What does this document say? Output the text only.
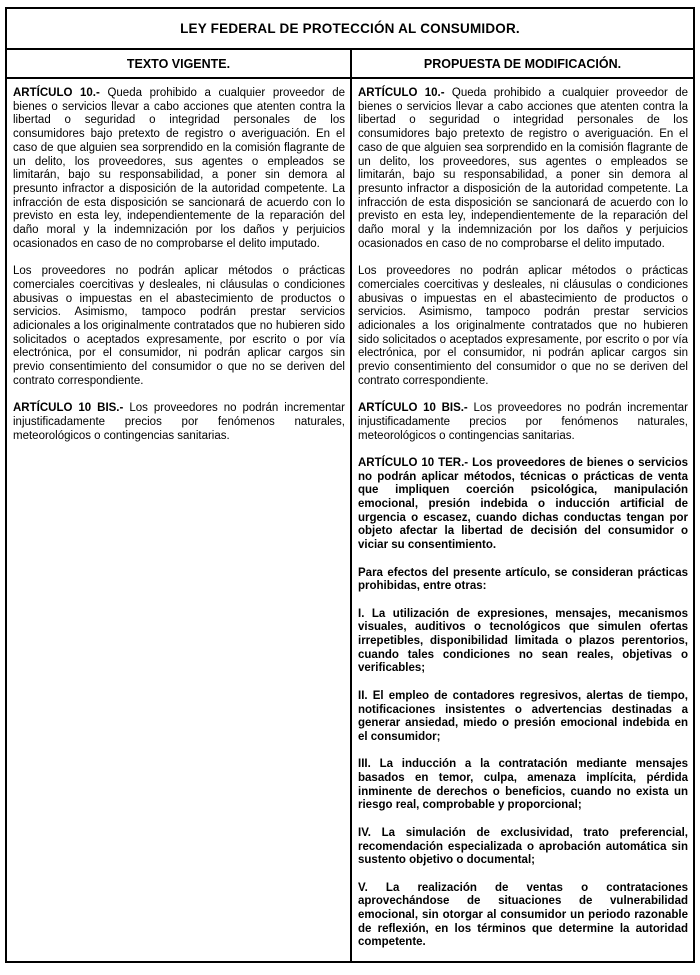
LEY FEDERAL DE PROTECCIÓN AL CONSUMIDOR.
TEXTO VIGENTE.	PROPUESTA DE MODIFICACIÓN.

ARTÍCULO 10.- Queda prohibido a cualquier proveedor de bienes o servicios llevar a cabo acciones que atenten contra la libertad o seguridad o integridad personales de los consumidores bajo pretexto de registro o averiguación. En el caso de que alguien sea sorprendido en la comisión flagrante de un delito, los proveedores, sus agentes o empleados se limitarán, bajo su responsabilidad, a poner sin demora al presunto infractor a disposición de la autoridad competente. La infracción de esta disposición se sancionará de acuerdo con lo previsto en esta ley, independientemente de la reparación del daño moral y la indemnización por los daños y perjuicios ocasionados en caso de no comprobarse el delito imputado.

Los proveedores no podrán aplicar métodos o prácticas comerciales coercitivas y desleales, ni cláusulas o condiciones abusivas o impuestas en el abastecimiento de productos o servicios. Asimismo, tampoco podrán prestar servicios adicionales a los originalmente contratados que no hubieren sido solicitados o aceptados expresamente, por escrito o por vía electrónica, por el consumidor, ni podrán aplicar cargos sin previo consentimiento del consumidor o que no se deriven del contrato correspondiente.

ARTÍCULO 10 BIS.- Los proveedores no podrán incrementar injustificadamente precios por fenómenos naturales, meteorológicos o contingencias sanitarias.

ARTÍCULO 10.- Queda prohibido a cualquier proveedor de bienes o servicios llevar a cabo acciones que atenten contra la libertad o seguridad o integridad personales de los consumidores bajo pretexto de registro o averiguación. En el caso de que alguien sea sorprendido en la comisión flagrante de un delito, los proveedores, sus agentes o empleados se limitarán, bajo su responsabilidad, a poner sin demora al presunto infractor a disposición de la autoridad competente. La infracción de esta disposición se sancionará de acuerdo con lo previsto en esta ley, independientemente de la reparación del daño moral y la indemnización por los daños y perjuicios ocasionados en caso de no comprobarse el delito imputado.

Los proveedores no podrán aplicar métodos o prácticas comerciales coercitivas y desleales, ni cláusulas o condiciones abusivas o impuestas en el abastecimiento de productos o servicios. Asimismo, tampoco podrán prestar servicios adicionales a los originalmente contratados que no hubieren sido solicitados o aceptados expresamente, por escrito o por vía electrónica, por el consumidor, ni podrán aplicar cargos sin previo consentimiento del consumidor o que no se deriven del contrato correspondiente.

ARTÍCULO 10 BIS.- Los proveedores no podrán incrementar injustificadamente precios por fenómenos naturales, meteorológicos o contingencias sanitarias.

ARTÍCULO 10 TER.- Los proveedores de bienes o servicios no podrán aplicar métodos, técnicas o prácticas de venta que impliquen coerción psicológica, manipulación emocional, presión indebida o inducción artificial de urgencia o escasez, cuando dichas conductas tengan por objeto afectar la libertad de decisión del consumidor o viciar su consentimiento.

Para efectos del presente artículo, se consideran prácticas prohibidas, entre otras:

I. La utilización de expresiones, mensajes, mecanismos visuales, auditivos o tecnológicos que simulen ofertas irrepetibles, disponibilidad limitada o plazos perentorios, cuando tales condiciones no sean reales, objetivas o verificables;

II. El empleo de contadores regresivos, alertas de tiempo, notificaciones insistentes o advertencias destinadas a generar ansiedad, miedo o presión emocional indebida en el consumidor;

III. La inducción a la contratación mediante mensajes basados en temor, culpa, amenaza implícita, pérdida inminente de derechos o beneficios, cuando no exista un riesgo real, comprobable y proporcional;

IV. La simulación de exclusividad, trato preferencial, recomendación especializada o aprobación automática sin sustento objetivo o documental;

V. La realización de ventas o contrataciones aprovechándose de situaciones de vulnerabilidad emocional, sin otorgar al consumidor un periodo razonable de reflexión, en los términos que determine la autoridad competente.
